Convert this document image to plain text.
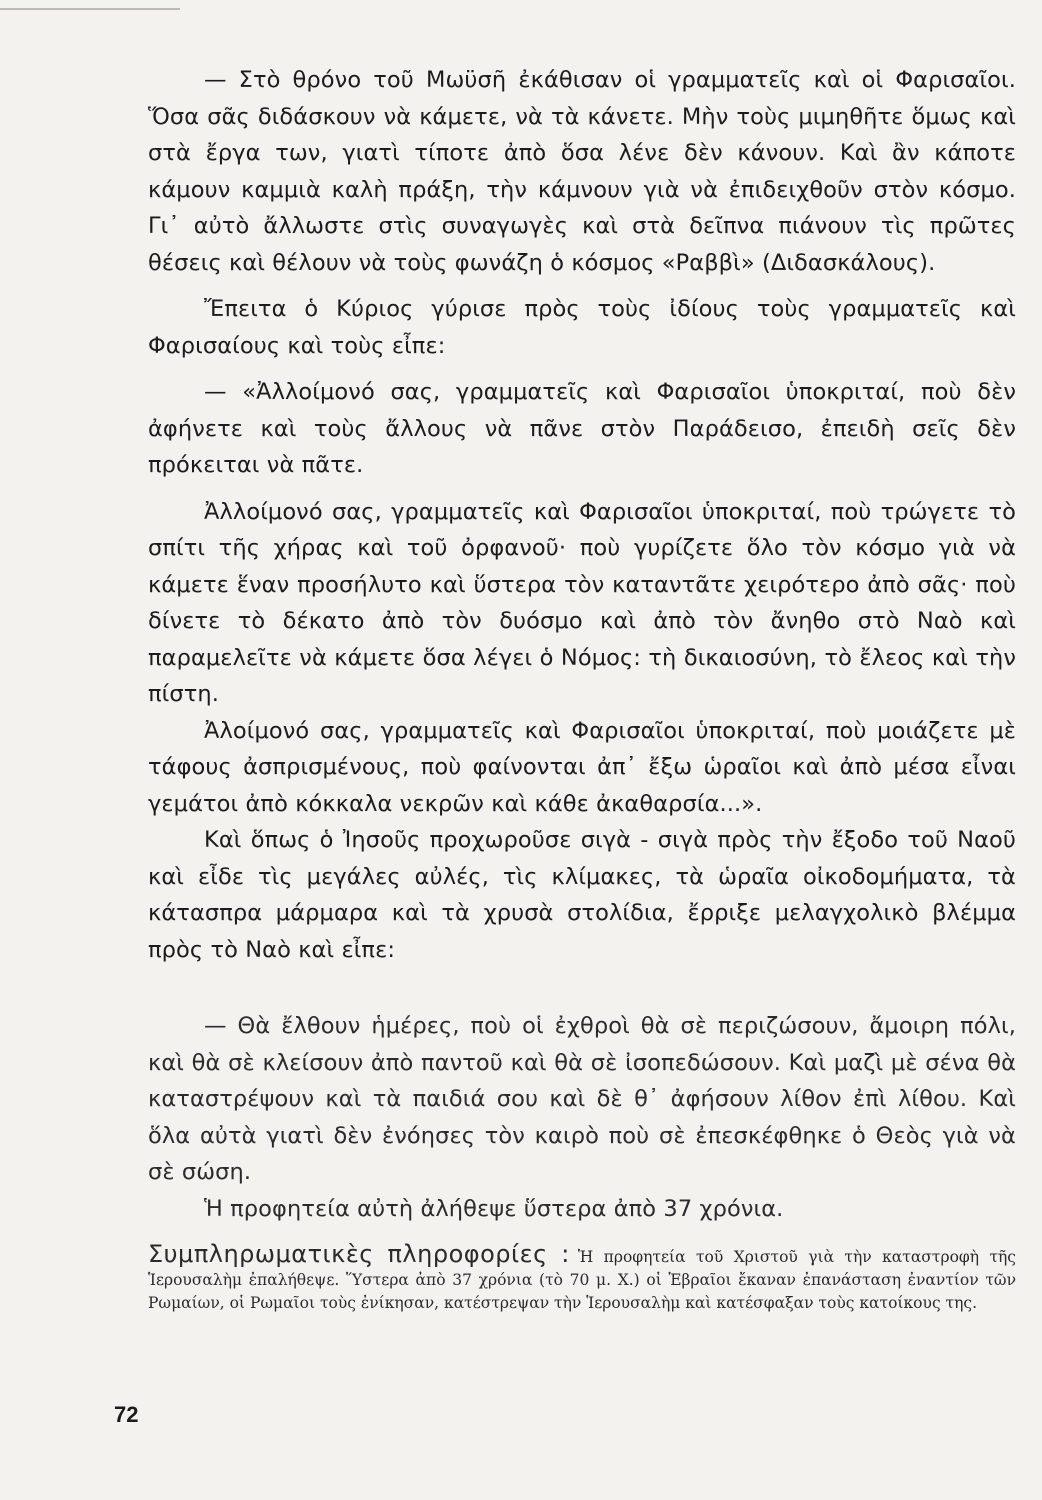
— Στὸ θρόνο τοῦ Μωϋσῆ ἐκάθισαν οἱ γραμματεῖς καὶ οἱ Φαρισαῖοι. Ὅσα σᾶς διδάσκουν νὰ κάμετε, νὰ τὰ κάνετε. Μὴν τοὺς μιμηθῆτε ὅμως καὶ στὰ ἔργα των, γιατὶ τίποτε ἀπὸ ὅσα λένε δὲν κάνουν. Καὶ ἂν κάποτε κάμουν καμμιὰ καλὴ πράξη, τὴν κάμνουν γιὰ νὰ ἐπιδειχθοῦν στὸν κόσμο. Γι᾿ αὐτὸ ἄλλωστε στὶς συναγωγὲς καὶ στὰ δεῖπνα πιάνουν τὶς πρῶτες θέσεις καὶ θέλουν νὰ τοὺς φωνάζη ὁ κόσμος «Ραββὶ» (Διδασκάλους).

Ἔπειτα ὁ Κύριος γύρισε πρὸς τοὺς ἰδίους τοὺς γραμματεῖς καὶ Φαρισαίους καὶ τοὺς εἶπε:

— «Ἀλλοίμονό σας, γραμματεῖς καὶ Φαρισαῖοι ὑποκριταί, ποὺ δὲν ἀφήνετε καὶ τοὺς ἄλλους νὰ πᾶνε στὸν Παράδεισο, ἐπειδὴ σεῖς δὲν πρόκειται νὰ πᾶτε.

Ἀλλοίμονό σας, γραμματεῖς καὶ Φαρισαῖοι ὑποκριταί, ποὺ τρώγετε τὸ σπίτι τῆς χήρας καὶ τοῦ ὀρφανοῦ· ποὺ γυρίζετε ὅλο τὸν κόσμο γιὰ νὰ κάμετε ἕναν προσήλυτο καὶ ὕστερα τὸν καταντᾶτε χειρότερο ἀπὸ σᾶς· ποὺ δίνετε τὸ δέκατο ἀπὸ τὸν δυόσμο καὶ ἀπὸ τὸν ἄνηθο στὸ Ναὸ καὶ παραμελεῖτε νὰ κάμετε ὅσα λέγει ὁ Νόμος: τὴ δικαιοσύνη, τὸ ἔλεος καὶ τὴν πίστη.

Ἀλοίμονό σας, γραμματεῖς καὶ Φαρισαῖοι ὑποκριταί, ποὺ μοιάζετε μὲ τάφους ἀσπρισμένους, ποὺ φαίνονται ἀπ᾿ ἔξω ὡραῖοι καὶ ἀπὸ μέσα εἶναι γεμάτοι ἀπὸ κόκκαλα νεκρῶν καὶ κάθε ἀκαθαρσία...».

Καὶ ὅπως ὁ Ἰησοῦς προχωροῦσε σιγὰ - σιγὰ πρὸς τὴν ἔξοδο τοῦ Ναοῦ καὶ εἶδε τὶς μεγάλες αὐλές, τὶς κλίμακες, τὰ ὡραῖα οἰκοδομήματα, τὰ κάτασπρα μάρμαρα καὶ τὰ χρυσὰ στολίδια, ἔρριξε μελαγχολικὸ βλέμμα πρὸς τὸ Ναὸ καὶ εἶπε:

— Θὰ ἔλθουν ἡμέρες, ποὺ οἱ ἐχθροὶ θὰ σὲ περιζώσουν, ἄμοιρη πόλι, καὶ θὰ σὲ κλείσουν ἀπὸ παντοῦ καὶ θὰ σὲ ἰσοπεδώσουν. Καὶ μαζὶ μὲ σένα θὰ καταστρέψουν καὶ τὰ παιδιά σου καὶ δὲ θ᾿ ἀφήσουν λίθον ἐπὶ λίθου. Καὶ ὅλα αὐτὰ γιατὶ δὲν ἐνόησες τὸν καιρὸ ποὺ σὲ ἐπεσκέφθηκε ὁ Θεὸς γιὰ νὰ σὲ σώση.

Ἡ προφητεία αὐτὴ ἀλήθεψε ὕστερα ἀπὸ 37 χρόνια.

Συμπληρωματικὲς πληροφορίες : Ἡ προφητεία τοῦ Χριστοῦ γιὰ τὴν καταστροφὴ τῆς Ἱερουσαλὴμ ἐπαλήθεψε. Ὕστερα ἀπὸ 37 χρόνια (τὸ 70 μ. Χ.) οἱ Ἑβραῖοι ἔκαναν ἐπανάσταση ἐναντίον τῶν Ρωμαίων, οἱ Ρωμαῖοι τοὺς ἐνίκησαν, κατέστρεψαν τὴν Ἱερουσαλὴμ καὶ κατέσφαξαν τοὺς κατοίκους της.
72
